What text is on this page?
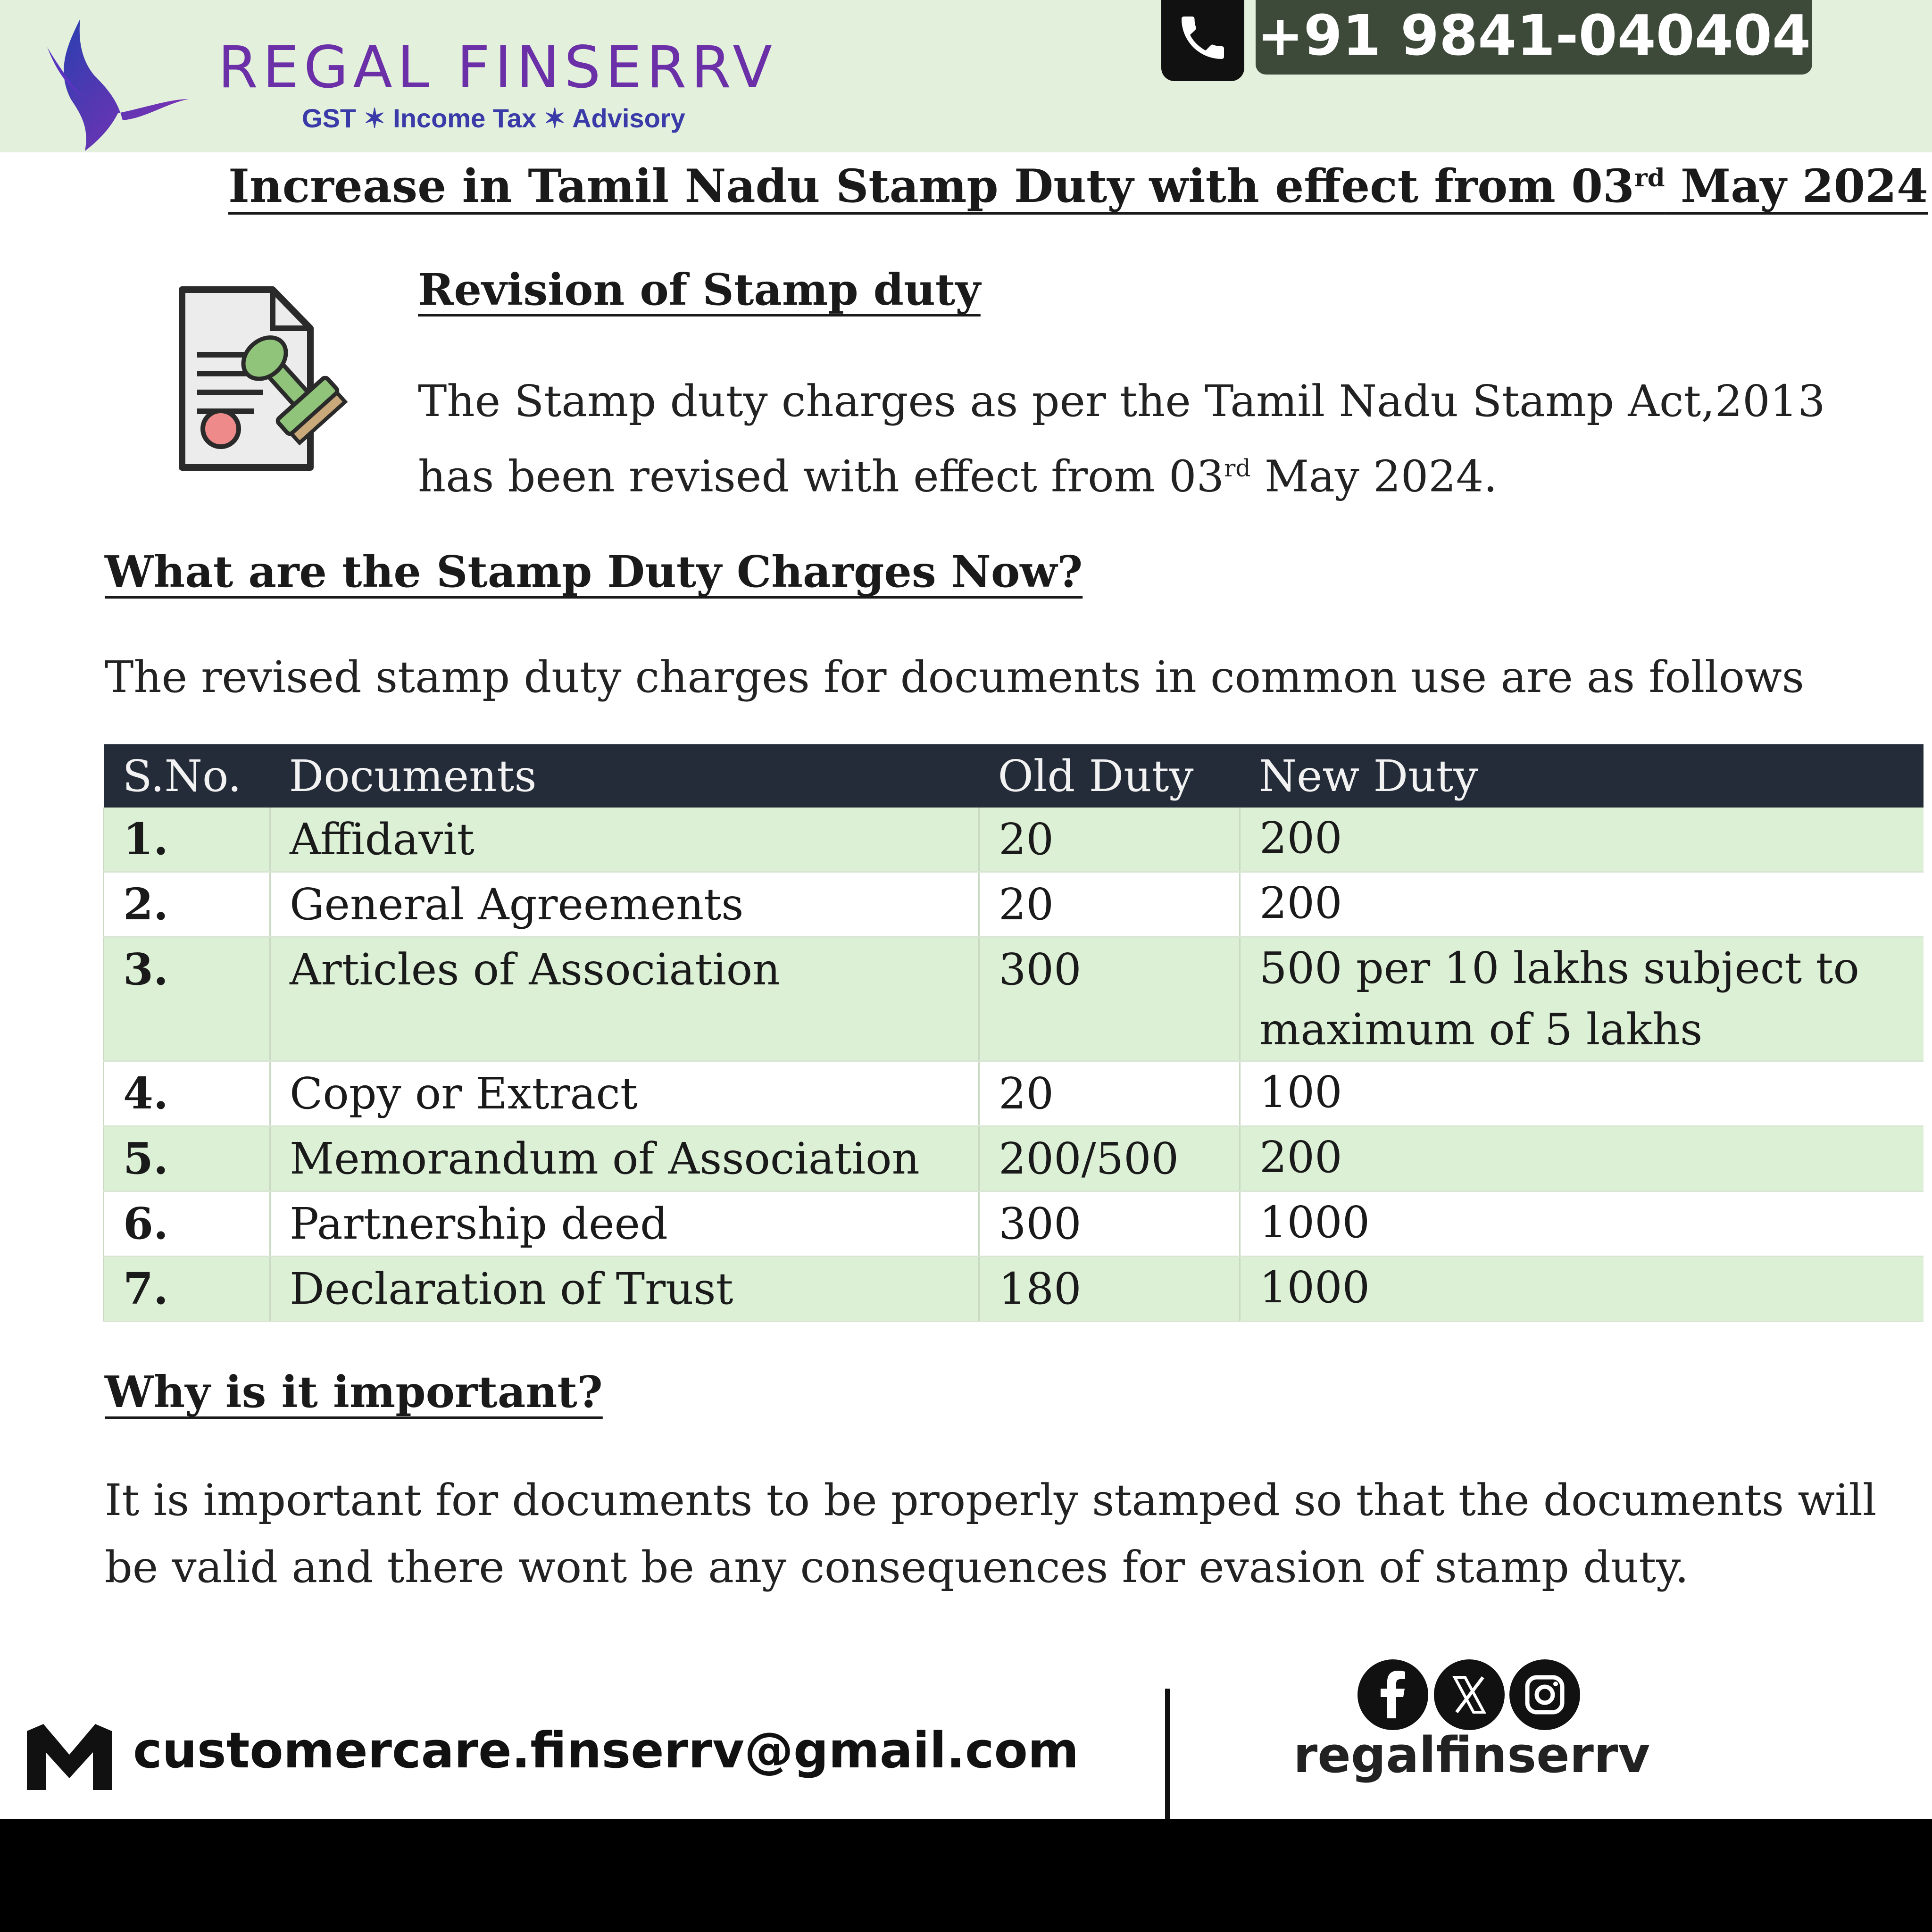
REGAL FINSERRV
GST ✶ Income Tax ✶ Advisory
+91 9841-040404
Increase in Tamil Nadu Stamp Duty with effect from 03rd May 2024
Revision of Stamp duty
The Stamp duty charges as per the Tamil Nadu Stamp Act,2013 has been revised with effect from 03rd May 2024.
What are the Stamp Duty Charges Now?
The revised stamp duty charges for documents in common use are as follows
S.No.	Documents	Old Duty	New Duty
1.	Affidavit	20	200
2.	General Agreements	20	200
3.	Articles of Association	300	500 per 10 lakhs subject to maximum of 5 lakhs
4.	Copy or Extract	20	100
5.	Memorandum of Association	200/500	200
6.	Partnership deed	300	1000
7.	Declaration of Trust	180	1000
Why is it important?
It is important for documents to be properly stamped so that the documents will be valid and there wont be any consequences for evasion of stamp duty.
customercare.finserrv@gmail.com	regalfinserrv
